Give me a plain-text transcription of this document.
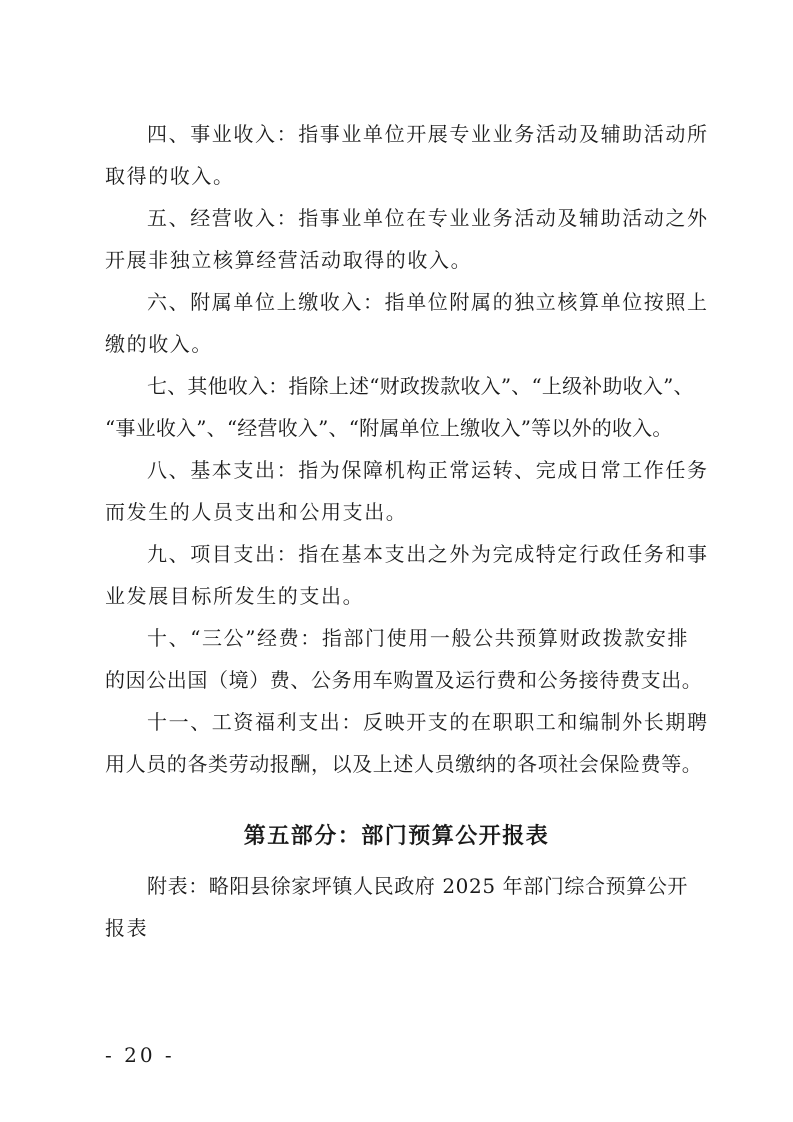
四、事业收入：指事业单位开展专业业务活动及辅助活动所
取得的收入。
五、经营收入：指事业单位在专业业务活动及辅助活动之外
开展非独立核算经营活动取得的收入。
六、附属单位上缴收入：指单位附属的独立核算单位按照上
缴的收入。
七、其他收入：指除上述“财政拨款收入”、“上级补助收入”、
“事业收入”、“经营收入”、“附属单位上缴收入”等以外的收入。
八、基本支出：指为保障机构正常运转、完成日常工作任务
而发生的人员支出和公用支出。
九、项目支出：指在基本支出之外为完成特定行政任务和事
业发展目标所发生的支出。
十、“三公”经费：指部门使用一般公共预算财政拨款安排
的因公出国（境）费、公务用车购置及运行费和公务接待费支出。
十一、工资福利支出：反映开支的在职职工和编制外长期聘
用人员的各类劳动报酬，以及上述人员缴纳的各项社会保险费等。
第五部分：部门预算公开报表
附表：略阳县徐家坪镇人民政府 2025 年部门综合预算公开
报表
- 20 -
